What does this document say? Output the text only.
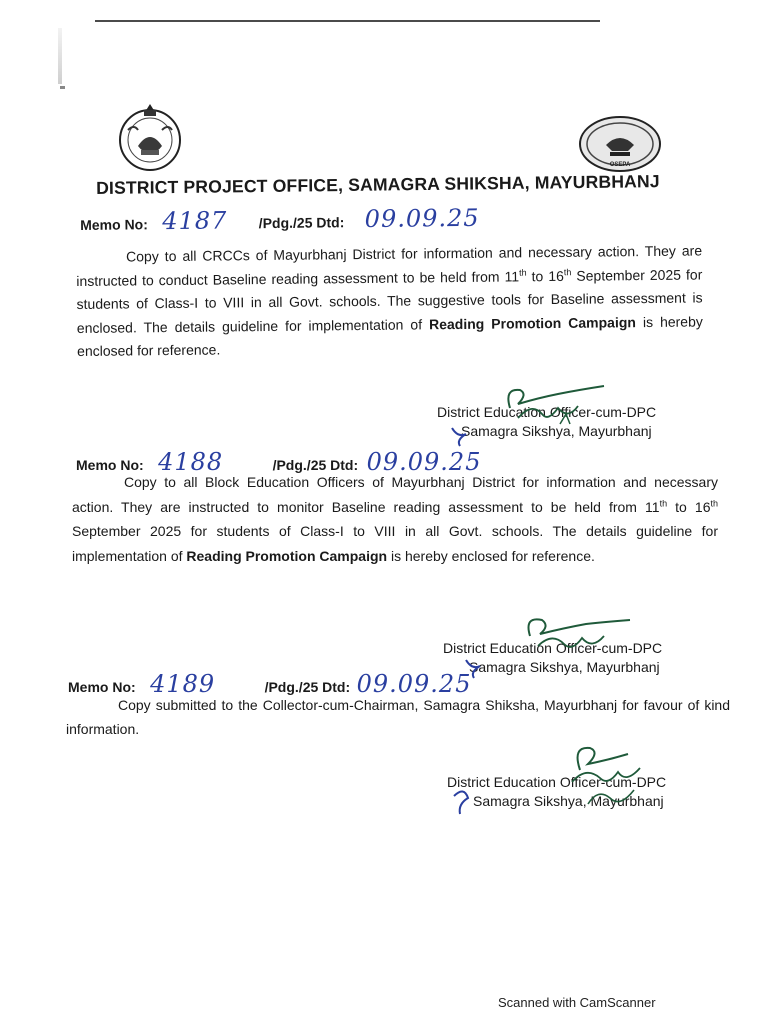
OSEPA
DISTRICT PROJECT OFFICE, SAMAGRA SHIKSHA, MAYURBHANJ
Memo No: 4187 /Pdg./25 Dtd: 09.09.25

Copy to all CRCCs of Mayurbhanj District for information and necessary action. They are instructed to conduct Baseline reading assessment to be held from 11th to 16th September 2025 for students of Class-I to VIII in all Govt. schools. The suggestive tools for Baseline assessment is enclosed. The details guideline for implementation of Reading Promotion Campaign is hereby enclosed for reference.

District Education Officer-cum-DPC
Samagra Sikshya, Mayurbhanj
Memo No: 4188	/Pdg./25 Dtd: 09.09.25

Copy to all Block Education Officers of Mayurbhanj District for information and necessary action. They are instructed to monitor Baseline reading assessment to be held from 11th to 16th September 2025 for students of Class-I to VIII in all Govt. schools. The details guideline for implementation of Reading Promotion Campaign is hereby enclosed for reference.

District Education Officer-cum-DPC
Samagra Sikshya, Mayurbhanj
Memo No: 4189	/Pdg./25 Dtd: 09.09.25

Copy submitted to the Collector-cum-Chairman, Samagra Shiksha, Mayurbhanj for favour of kind information.

District Education Officer-cum-DPC
Samagra Sikshya, Mayurbhanj
Scanned with CamScanner
